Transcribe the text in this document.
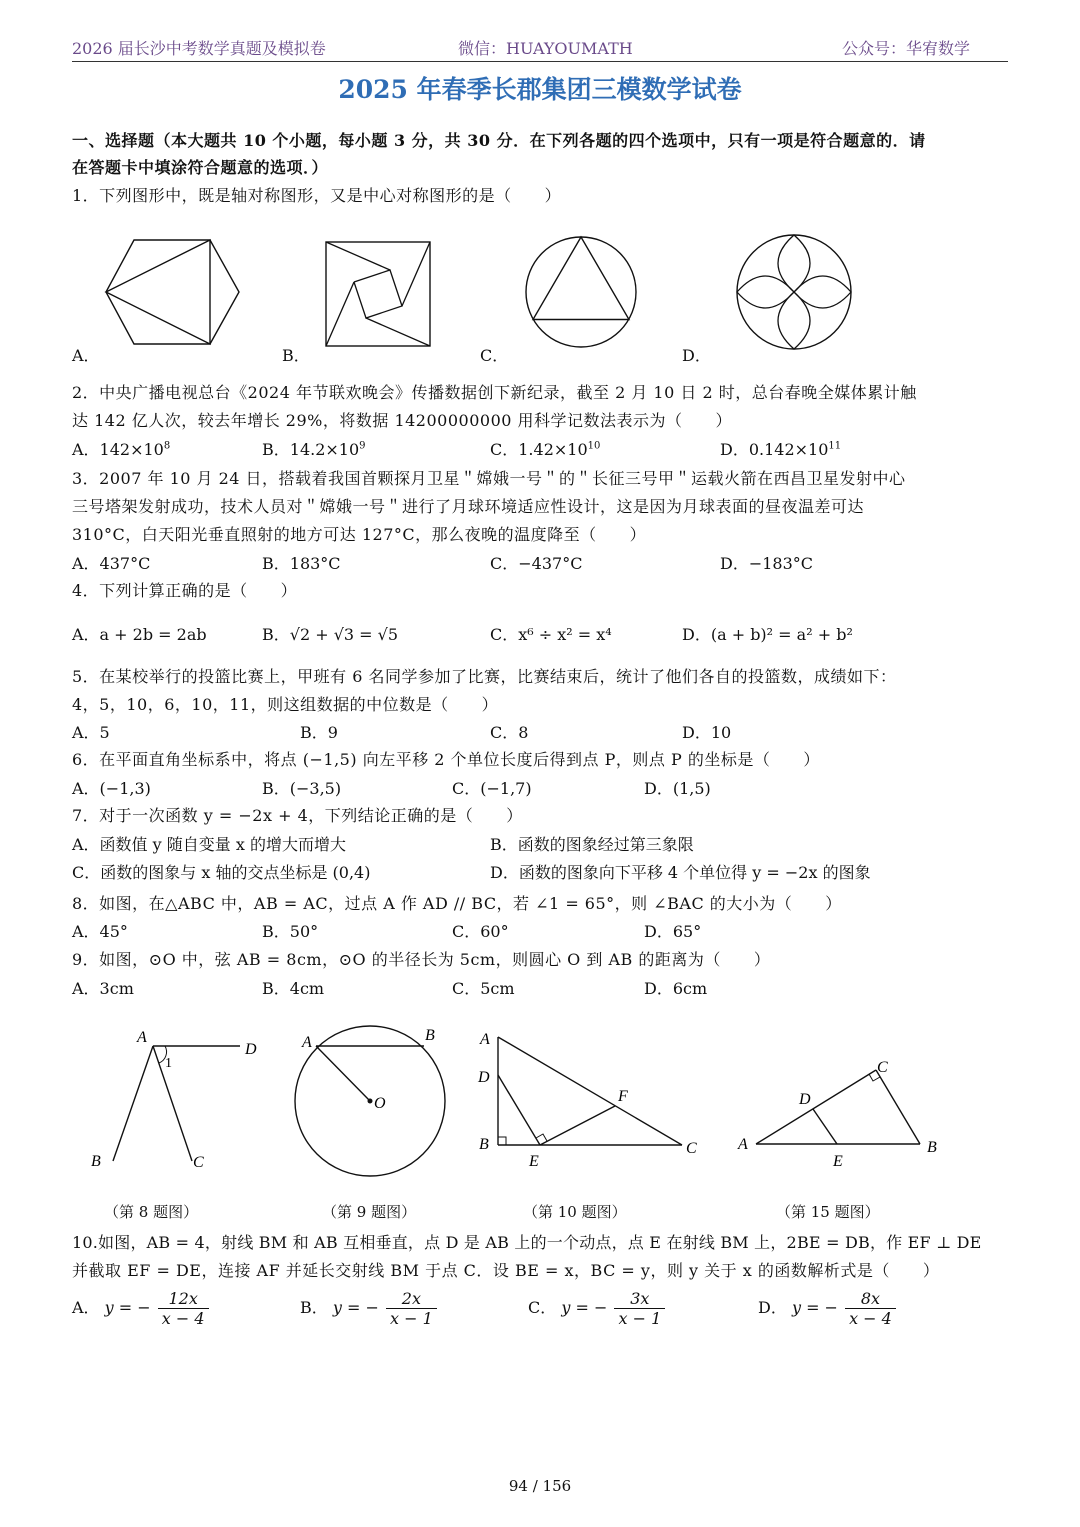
2026 届长沙中考数学真题及模拟卷	微信：HUAYOUMATH	公众号：华宥数学
2025 年春季长郡集团三模数学试卷
一、选择题（本大题共 10 个小题，每小题 3 分，共 30 分．在下列各题的四个选项中，只有一项是符合题意的．请
在答题卡中填涂符合题意的选项．）
1．下列图形中，既是轴对称图形，又是中心对称图形的是（　　）
A．	B．	C．	D．
2．中央广播电视总台《2024 年节联欢晚会》传播数据创下新纪录，截至 2 月 10 日 2 时，总台春晚全媒体累计触
达 142 亿人次，较去年增长 29%，将数据 14200000000 用科学记数法表示为（　　）
A．$142\times 10^8$	B．$14.2\times 10^9$	C．$1.42\times 10^{10}$	D．$0.142\times 10^{11}$
3．2007 年 10 月 24 日，搭载着我国首颗探月卫星＂嫦娥一号＂的＂长征三号甲＂运载火箭在西昌卫星发射中心
三号塔架发射成功，技术人员对＂嫦娥一号＂进行了月球环境适应性设计，这是因为月球表面的昼夜温差可达
310°C，白天阳光垂直照射的地方可达 127°C，那么夜晚的温度降至（　　）
A．437°C	B．183°C	C．−437°C	D．−183°C
4．下列计算正确的是（　　）
A．a + 2b = 2ab	B．√2 + √3 = √5	C．x⁶ ÷ x² = x⁴	D．(a + b)² = a² + b²
5．在某校举行的投篮比赛上，甲班有 6 名同学参加了比赛，比赛结束后，统计了他们各自的投篮数，成绩如下：
4，5，10，6，10，11，则这组数据的中位数是（　　）
A．5	B．9	C．8	D．10
6．在平面直角坐标系中，将点 (−1,5) 向左平移 2 个单位长度后得到点 P，则点 P 的坐标是（　　）
A．(−1,3)	B．(−3,5)	C．(−1,7)	D．(1,5)
7．对于一次函数 y = −2x + 4，下列结论正确的是（　　）
A．函数值 y 随自变量 x 的增大而增大	B．函数的图象经过第三象限
C．函数的图象与 x 轴的交点坐标是 (0,4)	D．函数的图象向下平移 4 个单位得 y = −2x 的图象
8．如图，在△ABC 中，AB = AC，过点 A 作 AD // BC，若 ∠1 = 65°，则 ∠BAC 的大小为（　　）
A．45°	B．50°	C．60°	D．65°
9．如图，⊙O 中，弦 AB = 8cm，⊙O 的半径长为 5cm，则圆心 O 到 AB 的距离为（　　）
A．3cm	B．4cm	C．5cm	D．6cm
A
D
1
B	C
A	B
O
A
D
F
B
E
C
C
D
A
E
B
（第 8 题图）	（第 9 题图）	（第 10 题图）	（第 15 题图）
10.如图，AB = 4，射线 BM 和 AB 互相垂直，点 D 是 AB 上的一个动点，点 E 在射线 BM 上，2BE = DB，作 EF ⊥ DE
并截取 EF = DE，连接 AF 并延长交射线 BM 于点 C．设 BE = x，BC = y，则 y 关于 x 的函数解析式是（　　）
A． y = − $\frac{12x}{x - 4}$	B． y = − $\frac{2x}{x - 1}$	C． y = − $\frac{3x}{x - 1}$	D． y = − $\frac{8x}{x - 4}$
94 / 156
